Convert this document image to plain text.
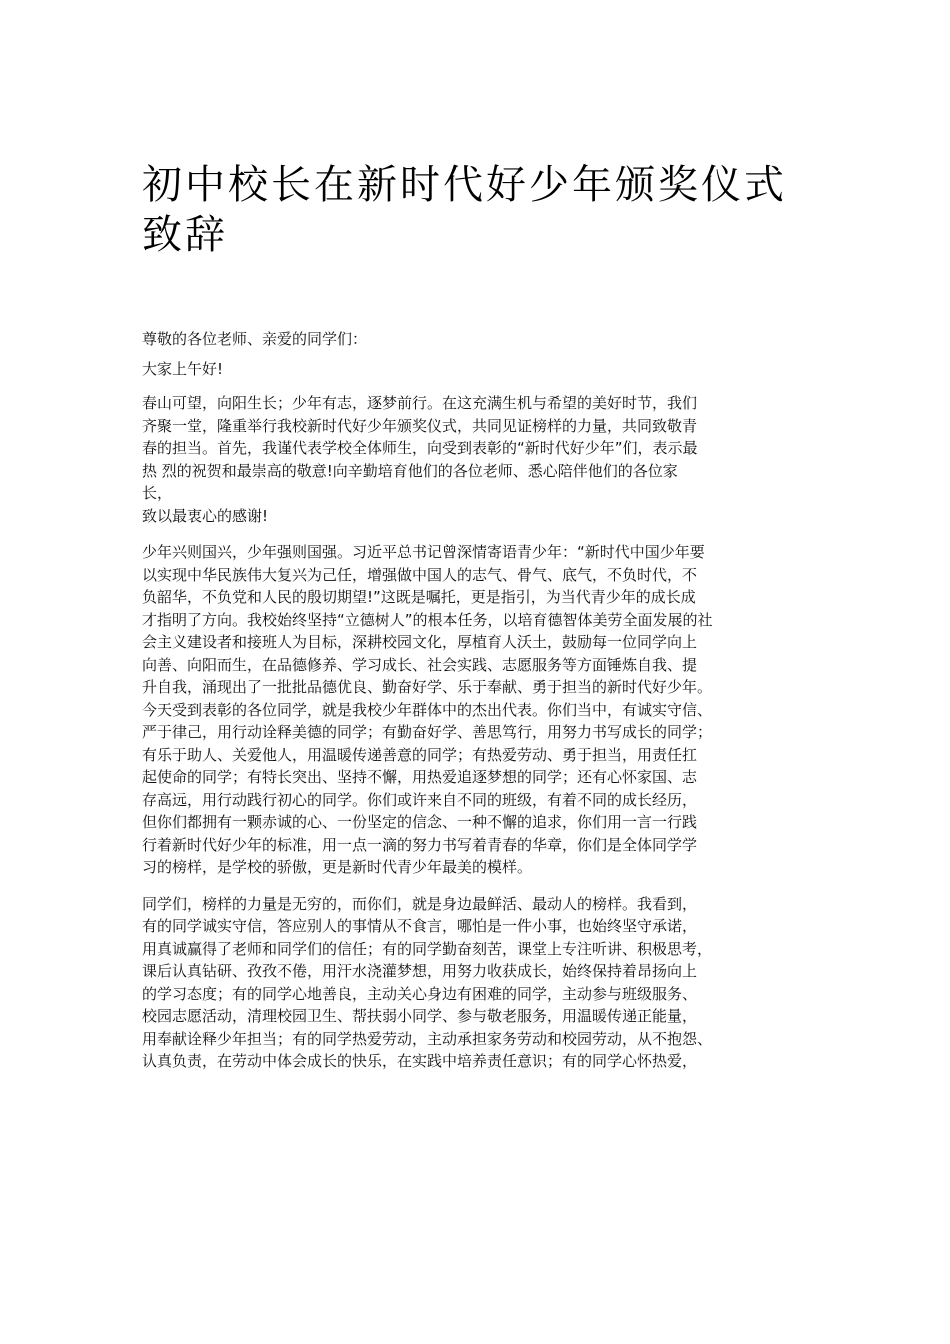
初中校长在新时代好少年颁奖仪式
致辞
尊敬的各位老师、亲爱的同学们：
大家上午好!
春山可望，向阳生长；少年有志，逐梦前行。在这充满生机与希望的美好时节，我们
齐聚一堂，隆重举行我校新时代好少年颁奖仪式，共同见证榜样的力量，共同致敬青
春的担当。首先，我谨代表学校全体师生，向受到表彰的“新时代好少年”们，表示最
热 烈的祝贺和最崇高的敬意!向辛勤培育他们的各位老师、悉心陪伴他们的各位家
长，
致以最衷心的感谢!
少年兴则国兴，少年强则国强。习近平总书记曾深情寄语青少年：“新时代中国少年要
以实现中华民族伟大复兴为己任，增强做中国人的志气、骨气、底气，不负时代，不
负韶华，不负党和人民的殷切期望!”这既是嘱托，更是指引，为当代青少年的成长成
才指明了方向。我校始终坚持“立德树人”的根本任务，以培育德智体美劳全面发展的社
会主义建设者和接班人为目标，深耕校园文化，厚植育人沃土，鼓励每一位同学向上
向善、向阳而生，在品德修养、学习成长、社会实践、志愿服务等方面锤炼自我、提
升自我，涌现出了一批批品德优良、勤奋好学、乐于奉献、勇于担当的新时代好少年。
今天受到表彰的各位同学，就是我校少年群体中的杰出代表。你们当中，有诚实守信、
严于律己，用行动诠释美德的同学；有勤奋好学、善思笃行，用努力书写成长的同学；
有乐于助人、关爱他人，用温暖传递善意的同学；有热爱劳动、勇于担当，用责任扛
起使命的同学；有特长突出、坚持不懈，用热爱追逐梦想的同学；还有心怀家国、志
存高远，用行动践行初心的同学。你们或许来自不同的班级，有着不同的成长经历，
但你们都拥有一颗赤诚的心、一份坚定的信念、一种不懈的追求，你们用一言一行践
行着新时代好少年的标准，用一点一滴的努力书写着青春的华章，你们是全体同学学
习的榜样，是学校的骄傲，更是新时代青少年最美的模样。
同学们，榜样的力量是无穷的，而你们，就是身边最鲜活、最动人的榜样。我看到，
有的同学诚实守信，答应别人的事情从不食言，哪怕是一件小事，也始终坚守承诺，
用真诚赢得了老师和同学们的信任；有的同学勤奋刻苦，课堂上专注听讲、积极思考，
课后认真钻研、孜孜不倦，用汗水浇灌梦想，用努力收获成长，始终保持着昂扬向上
的学习态度；有的同学心地善良，主动关心身边有困难的同学，主动参与班级服务、
校园志愿活动，清理校园卫生、帮扶弱小同学、参与敬老服务，用温暖传递正能量，
用奉献诠释少年担当；有的同学热爱劳动，主动承担家务劳动和校园劳动，从不抱怨、
认真负责，在劳动中体会成长的快乐，在实践中培养责任意识；有的同学心怀热爱，
